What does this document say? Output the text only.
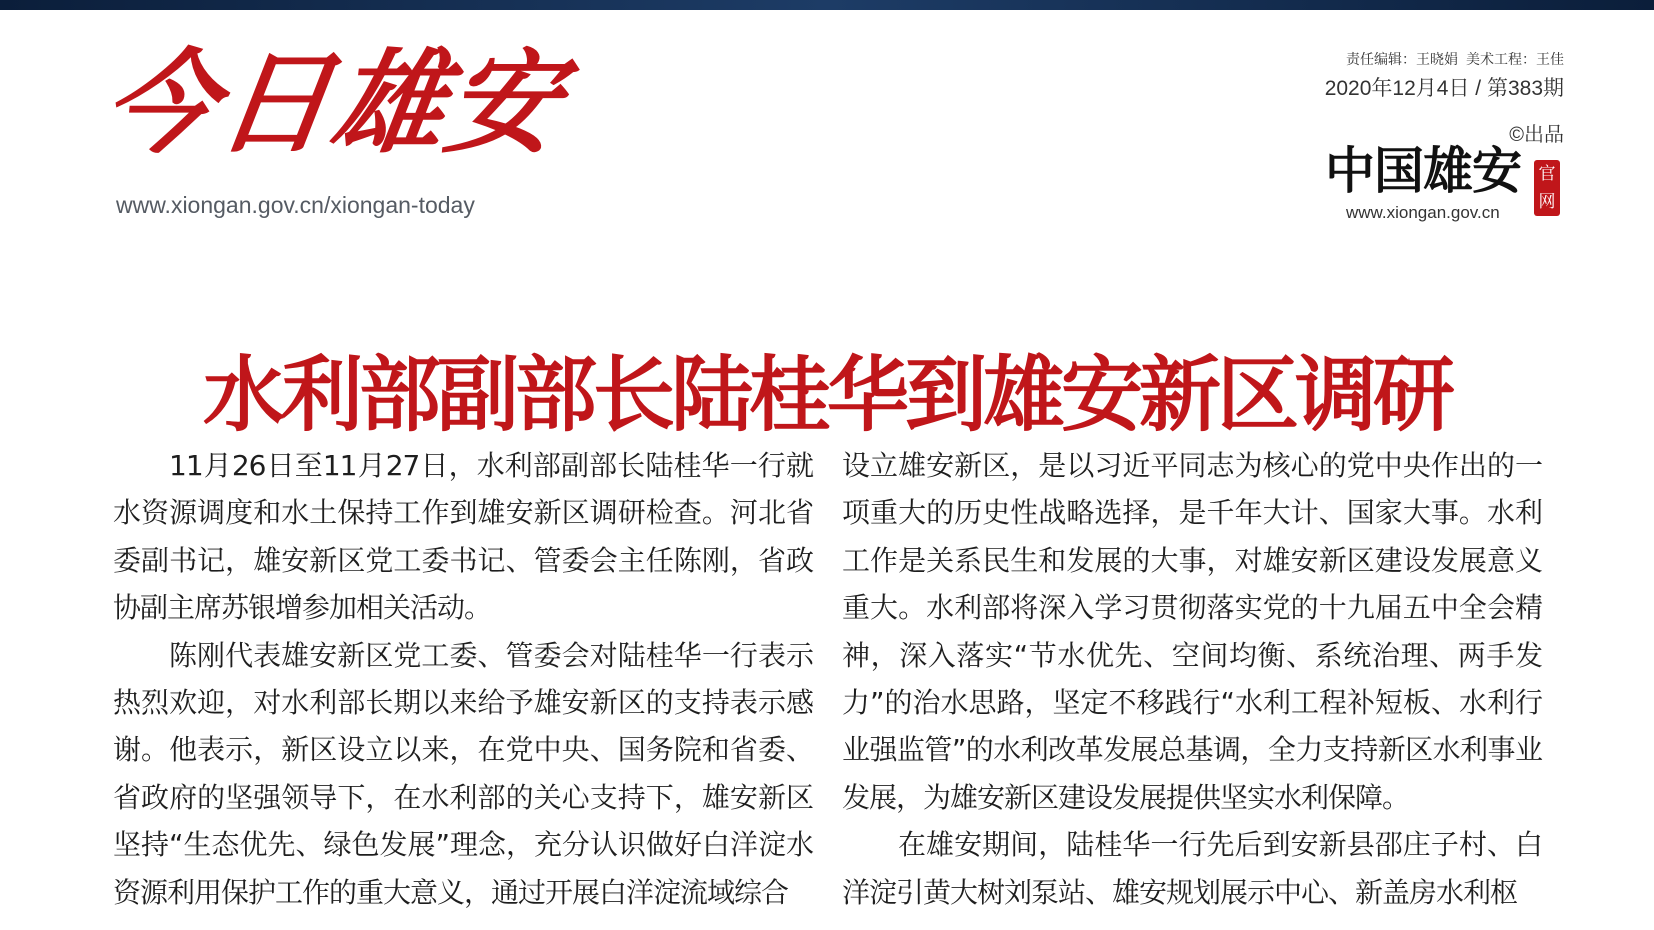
今日雄安
www.xiongan.gov.cn/xiongan-today
责任编辑：王晓娟 美术工程：王佳
2020年12月4日 / 第383期
©出品
中国雄安 官网
www.xiongan.gov.cn
水利部副部长陆桂华到雄安新区调研

11月26日至11月27日，水利部副部长陆桂华一行就水资源调度和水土保持工作到雄安新区调研检查。河北省委副书记，雄安新区党工委书记、管委会主任陈刚，省政协副主席苏银增参加相关活动。

陈刚代表雄安新区党工委、管委会对陆桂华一行表示热烈欢迎，对水利部长期以来给予雄安新区的支持表示感谢。他表示，新区设立以来，在党中央、国务院和省委、省政府的坚强领导下，在水利部的关心支持下，雄安新区坚持“生态优先、绿色发展”理念，充分认识做好白洋淀水资源利用保护工作的重大意义，通过开展白洋淀流域综合

设立雄安新区，是以习近平同志为核心的党中央作出的一项重大的历史性战略选择，是千年大计、国家大事。水利工作是关系民生和发展的大事，对雄安新区建设发展意义重大。水利部将深入学习贯彻落实党的十九届五中全会精神，深入落实“节水优先、空间均衡、系统治理、两手发力”的治水思路，坚定不移践行“水利工程补短板、水利行业强监管”的水利改革发展总基调，全力支持新区水利事业发展，为雄安新区建设发展提供坚实水利保障。

在雄安期间，陆桂华一行先后到安新县邵庄子村、白洋淀引黄大树刘泵站、雄安规划展示中心、新盖房水利枢
